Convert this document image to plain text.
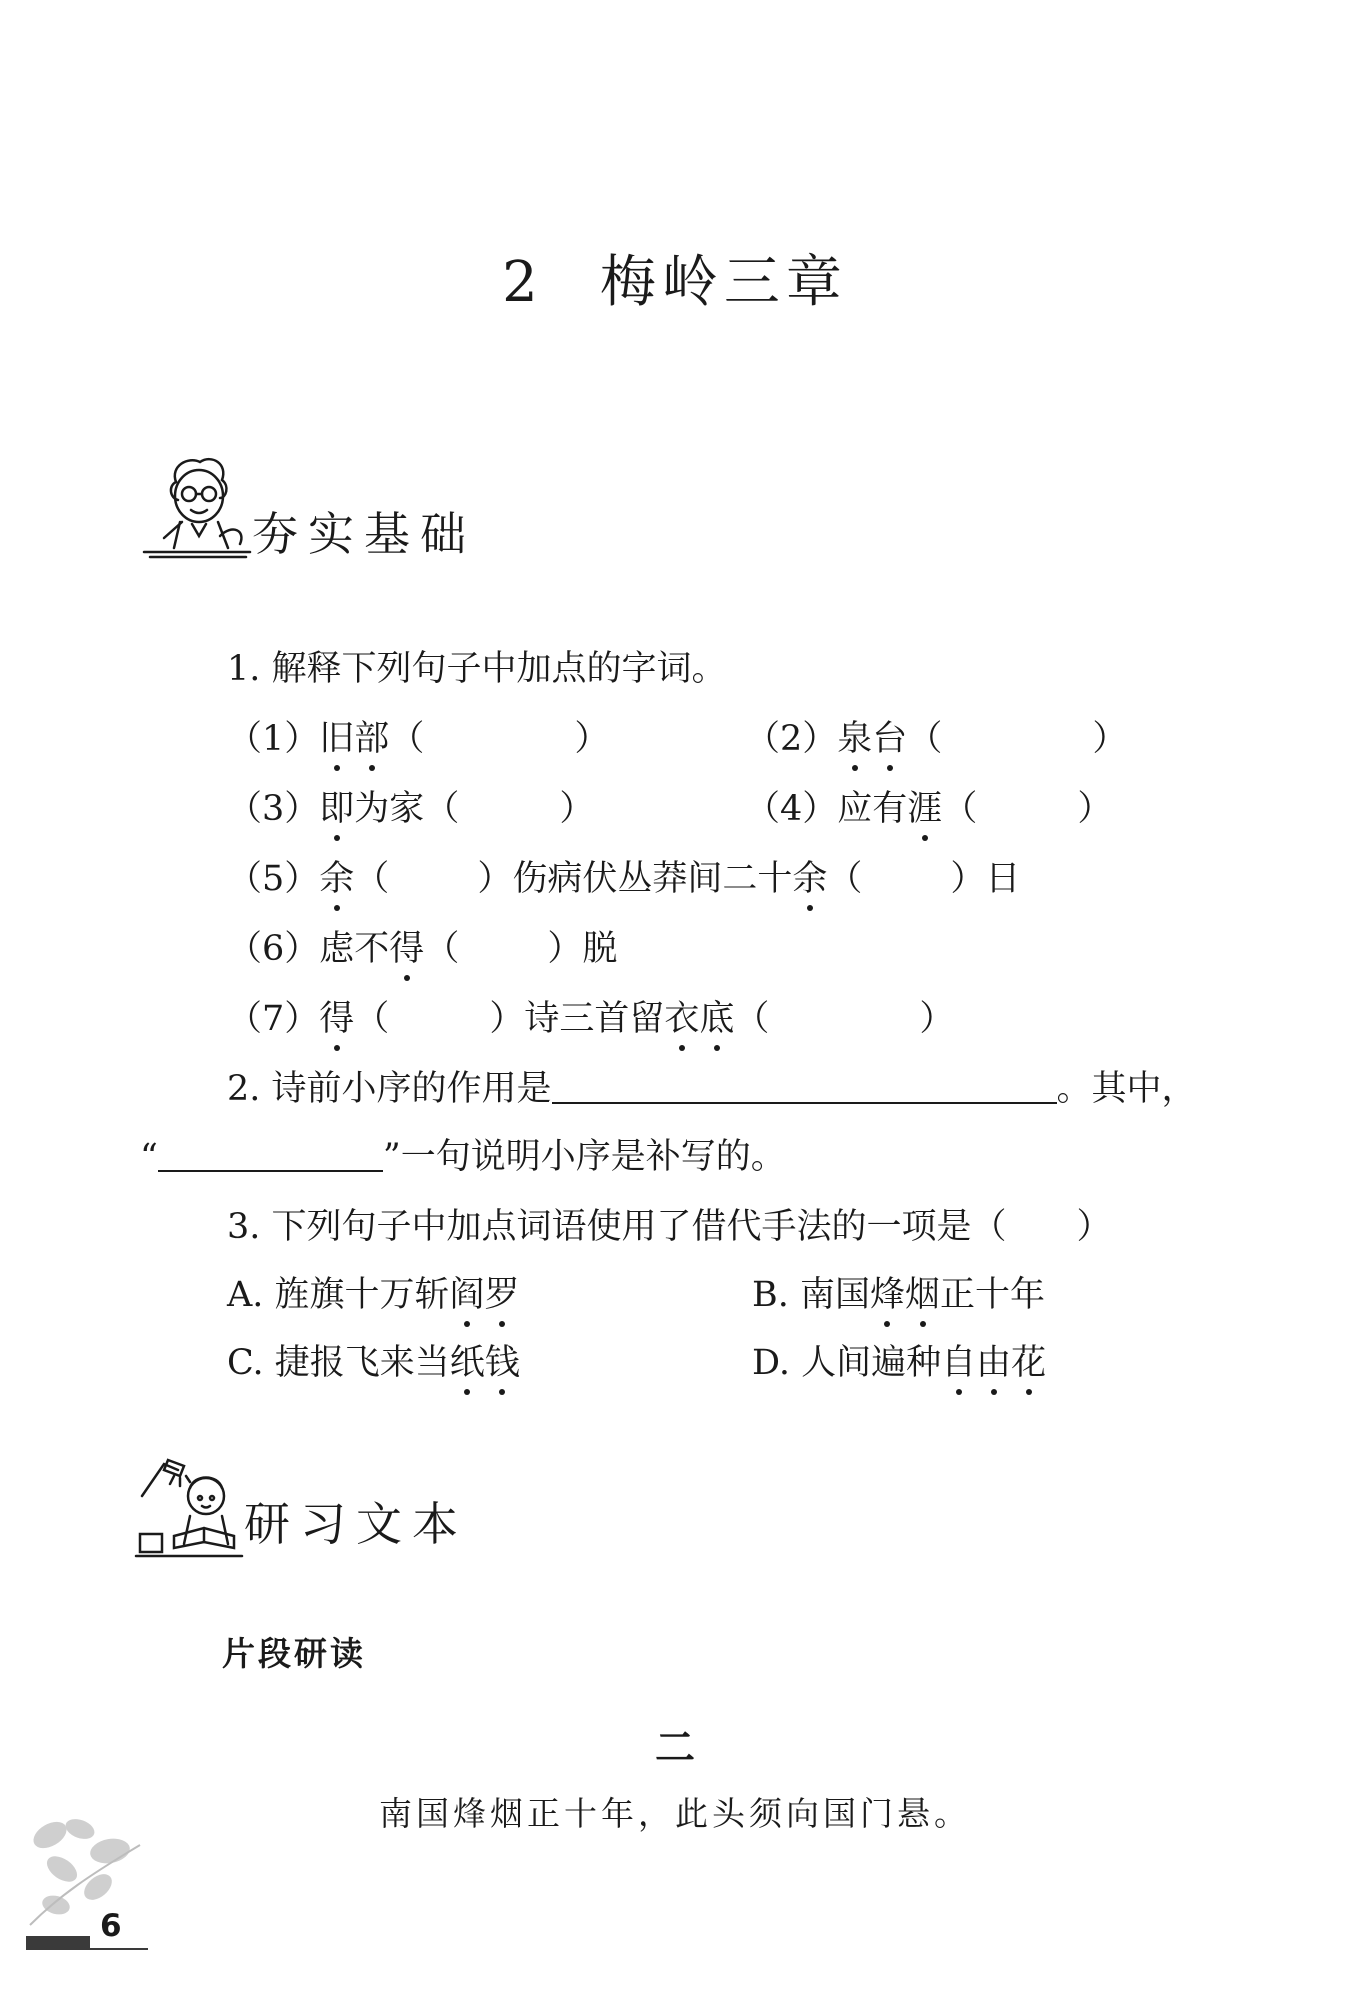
2 梅岭三章
夯实基础
1. 解释下列句子中加点的字词。
（1）旧部（	）	（2）泉台（	）
（3）即为家（	）	（4）应有涯（	）
（5）余（	）伤病伏丛莽间二十余（	）日
（6）虑不得（	）脱
（7）得（	）诗三首留衣底（	）
2. 诗前小序的作用是	。其中，
“	”一句说明小序是补写的。
3. 下列句子中加点词语使用了借代手法的一项是（ ）
A. 旌旗十万斩阎罗	B. 南国烽烟正十年
C. 捷报飞来当纸钱	D. 人间遍种自由花
研习文本
片段研读
二
南国烽烟正十年，此头须向国门悬。
6
